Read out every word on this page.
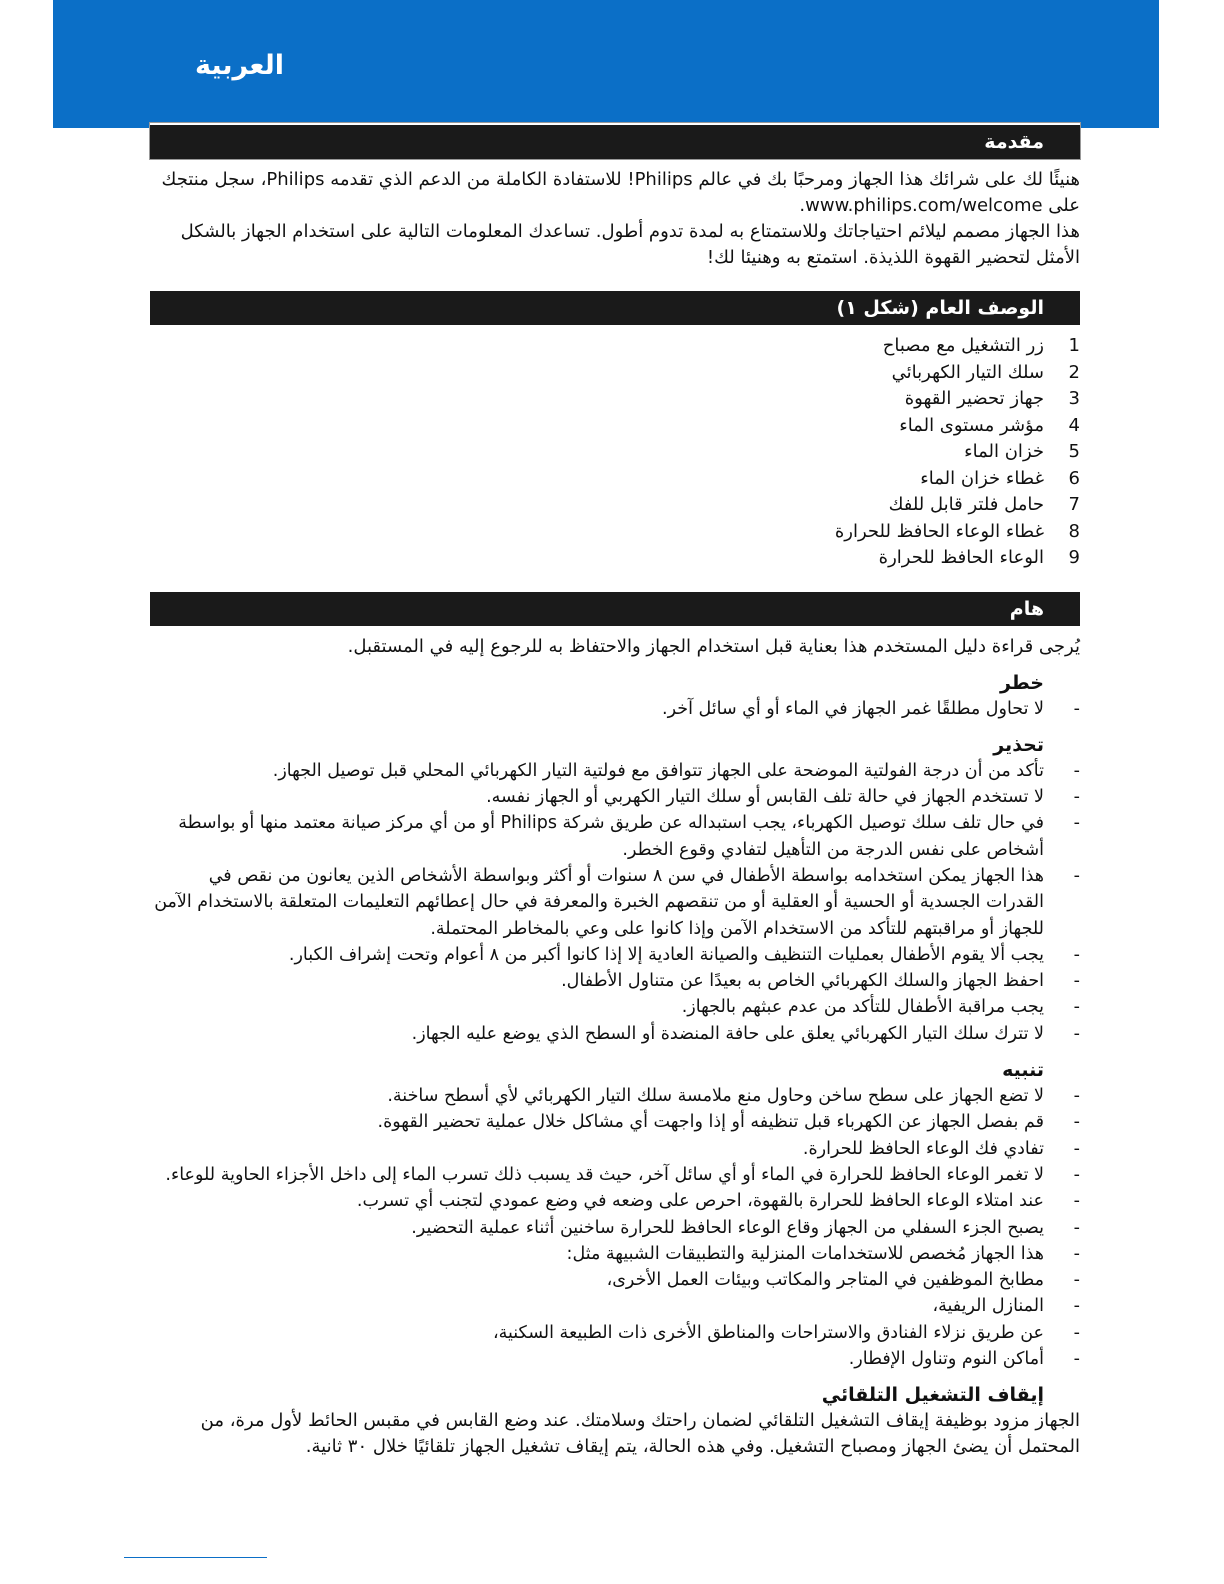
العربية
مقدمة

هنيئًا لك على شرائك هذا الجهاز ومرحبًا بك في عالم Philips! للاستفادة الكاملة من الدعم الذي تقدمه Philips، سجل منتجك على www.philips.com/welcome.

هذا الجهاز مصمم ليلائم احتياجاتك وللاستمتاع به لمدة تدوم أطول. تساعدك المعلومات التالية على استخدام الجهاز بالشكل الأمثل لتحضير القهوة اللذيذة. استمتع به وهنيئا لك!

الوصف العام (شكل ١)
1
زر التشغيل مع مصباح
2
سلك التيار الكهربائي
3
جهاز تحضير القهوة
4
مؤشر مستوى الماء
5
خزان الماء
6
غطاء خزان الماء
7
حامل فلتر قابل للفك
8
غطاء الوعاء الحافظ للحرارة
9
الوعاء الحافظ للحرارة
هام

يُرجى قراءة دليل المستخدم هذا بعناية قبل استخدام الجهاز والاحتفاظ به للرجوع إليه في المستقبل.

خطر
-
لا تحاول مطلقًا غمر الجهاز في الماء أو أي سائل آخر.
تحذير
-
تأكد من أن درجة الفولتية الموضحة على الجهاز تتوافق مع فولتية التيار الكهربائي المحلي قبل توصيل الجهاز.
-
لا تستخدم الجهاز في حالة تلف القابس أو سلك التيار الكهربي أو الجهاز نفسه.
-
في حال تلف سلك توصيل الكهرباء، يجب استبداله عن طريق شركة Philips أو من أي مركز صيانة معتمد منها أو بواسطة أشخاص على نفس الدرجة من التأهيل لتفادي وقوع الخطر.
-
هذا الجهاز يمكن استخدامه بواسطة الأطفال في سن ٨ سنوات أو أكثر وبواسطة الأشخاص الذين يعانون من نقص في القدرات الجسدية أو الحسية أو العقلية أو من تنقصهم الخبرة والمعرفة في حال إعطائهم التعليمات المتعلقة بالاستخدام الآمن للجهاز أو مراقبتهم للتأكد من الاستخدام الآمن وإذا كانوا على وعي بالمخاطر المحتملة.
-
يجب ألا يقوم الأطفال بعمليات التنظيف والصيانة العادية إلا إذا كانوا أكبر من ٨ أعوام وتحت إشراف الكبار.
-
احفظ الجهاز والسلك الكهربائي الخاص به بعيدًا عن متناول الأطفال.
-
يجب مراقبة الأطفال للتأكد من عدم عبثهم بالجهاز.
-
لا تترك سلك التيار الكهربائي يعلق على حافة المنضدة أو السطح الذي يوضع عليه الجهاز.
تنبيه
-
لا تضع الجهاز على سطح ساخن وحاول منع ملامسة سلك التيار الكهربائي لأي أسطح ساخنة.
-
قم بفصل الجهاز عن الكهرباء قبل تنظيفه أو إذا واجهت أي مشاكل خلال عملية تحضير القهوة.
-
تفادي فك الوعاء الحافظ للحرارة.
-
لا تغمر الوعاء الحافظ للحرارة في الماء أو أي سائل آخر، حيث قد يسبب ذلك تسرب الماء إلى داخل الأجزاء الحاوية للوعاء.
-
عند امتلاء الوعاء الحافظ للحرارة بالقهوة، احرص على وضعه في وضع عمودي لتجنب أي تسرب.
-
يصبح الجزء السفلي من الجهاز وقاع الوعاء الحافظ للحرارة ساخنين أثناء عملية التحضير.
-
هذا الجهاز مُخصص للاستخدامات المنزلية والتطبيقات الشبيهة مثل:
-
مطابخ الموظفين في المتاجر والمكاتب وبيئات العمل الأخرى،
-
المنازل الريفية،
-
عن طريق نزلاء الفنادق والاستراحات والمناطق الأخرى ذات الطبيعة السكنية،
-
أماكن النوم وتناول الإفطار.
إيقاف التشغيل التلقائي

الجهاز مزود بوظيفة إيقاف التشغيل التلقائي لضمان راحتك وسلامتك. عند وضع القابس في مقبس الحائط لأول مرة، من المحتمل أن يضئ الجهاز ومصباح التشغيل. وفي هذه الحالة، يتم إيقاف تشغيل الجهاز تلقائيًا خلال ٣٠ ثانية.
